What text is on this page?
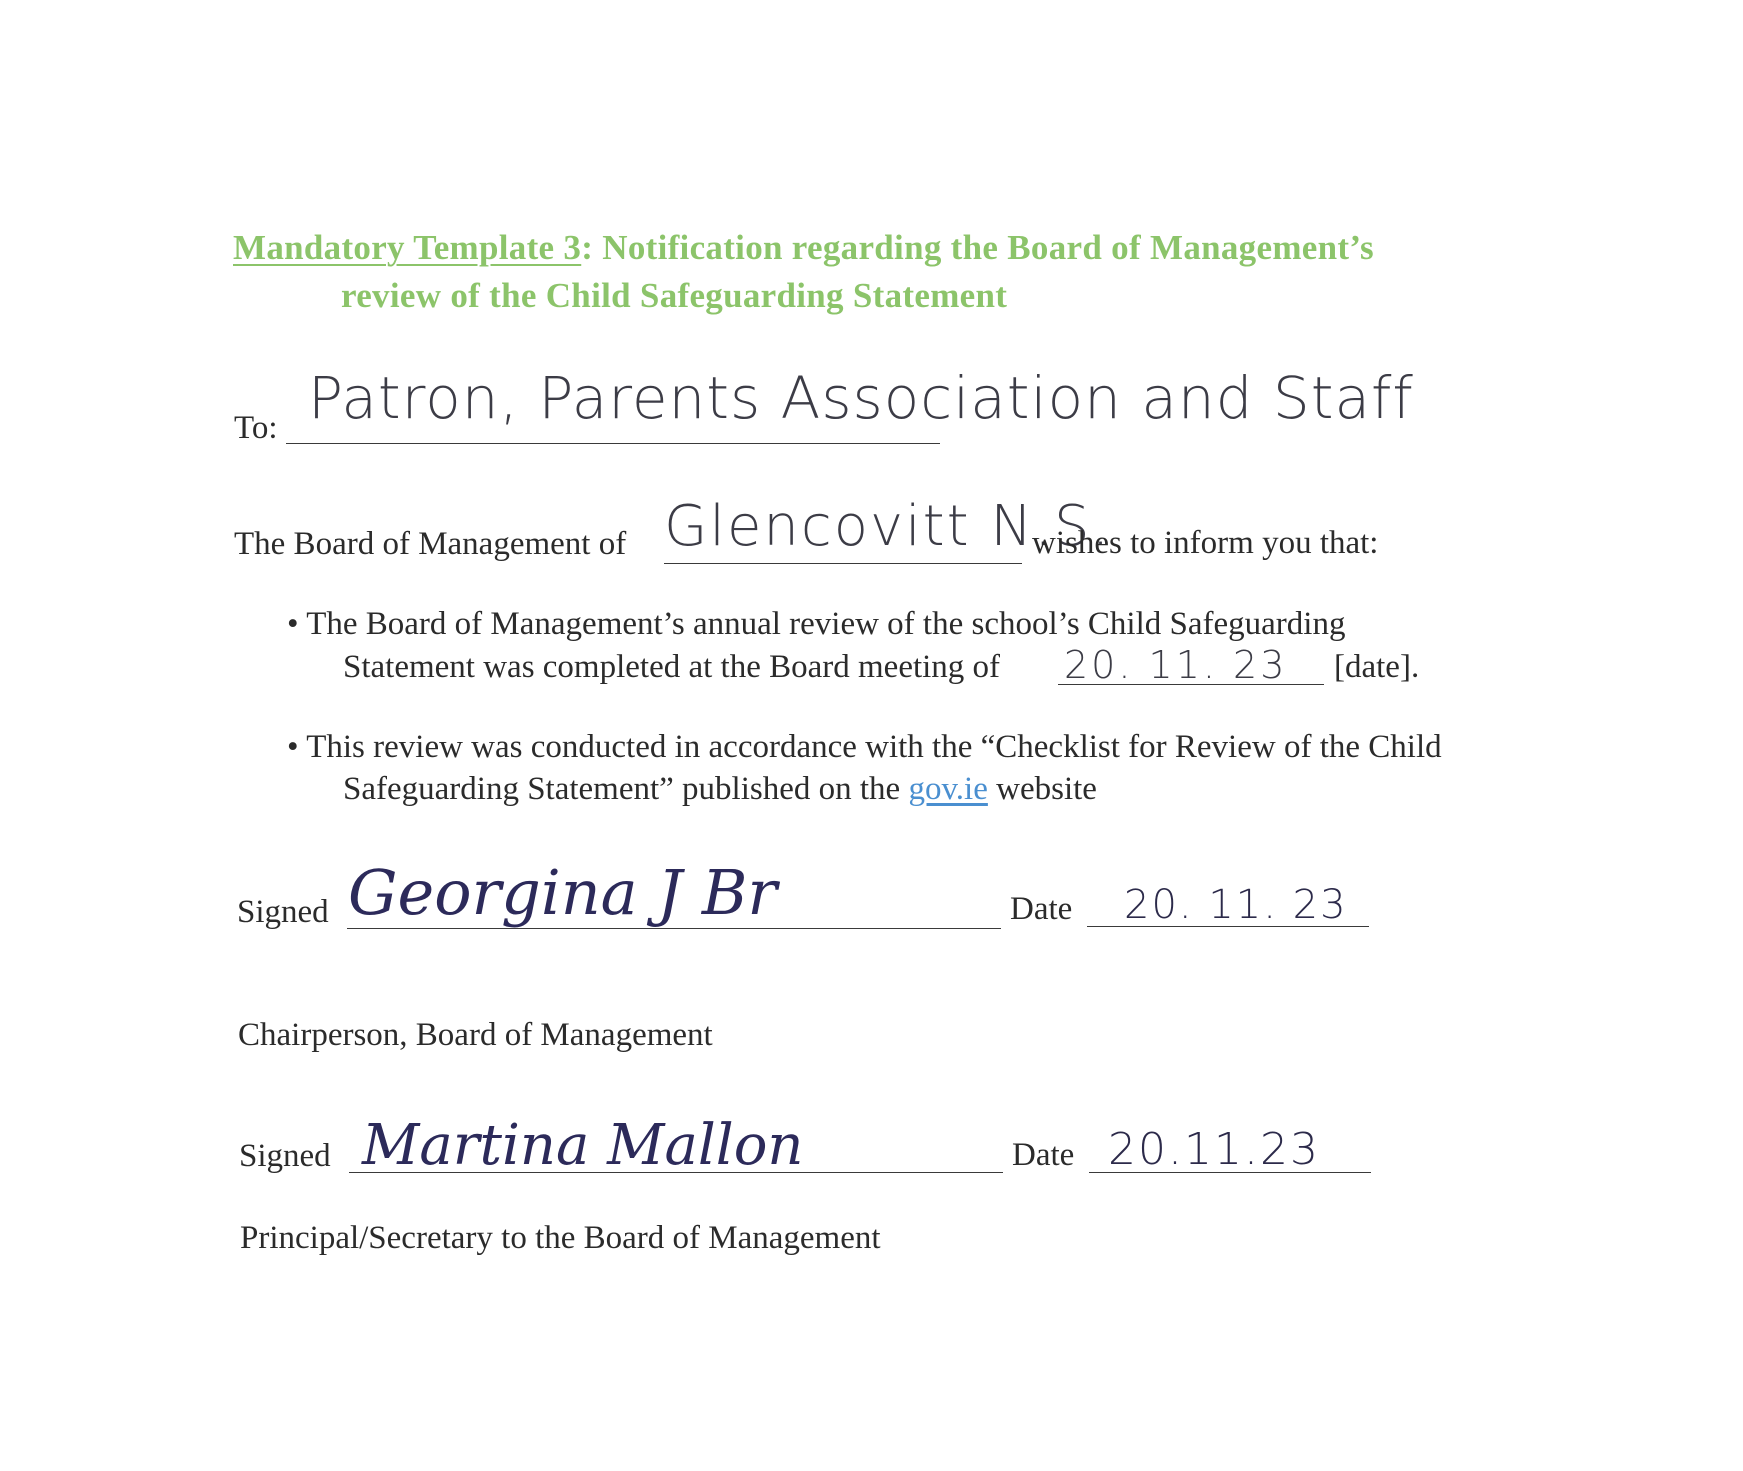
Mandatory Template 3: Notification regarding the Board of Management’s
review of the Child Safeguarding Statement
To: Patron, Parents Association and Staff
The Board of Management of Glencovitt N.S.
wishes to inform you that:
• The Board of Management’s annual review of the school’s Child Safeguarding
Statement was completed at the Board meeting of 20. 11. 23 [date].
• This review was conducted in accordance with the “Checklist for Review of the Child
Safeguarding Statement” published on the gov.ie website
Signed Georgina J Br	Date 20. 11. 23
Chairperson, Board of Management
Signed Martina Mallon	Date 20.11.23
Principal/Secretary to the Board of Management
